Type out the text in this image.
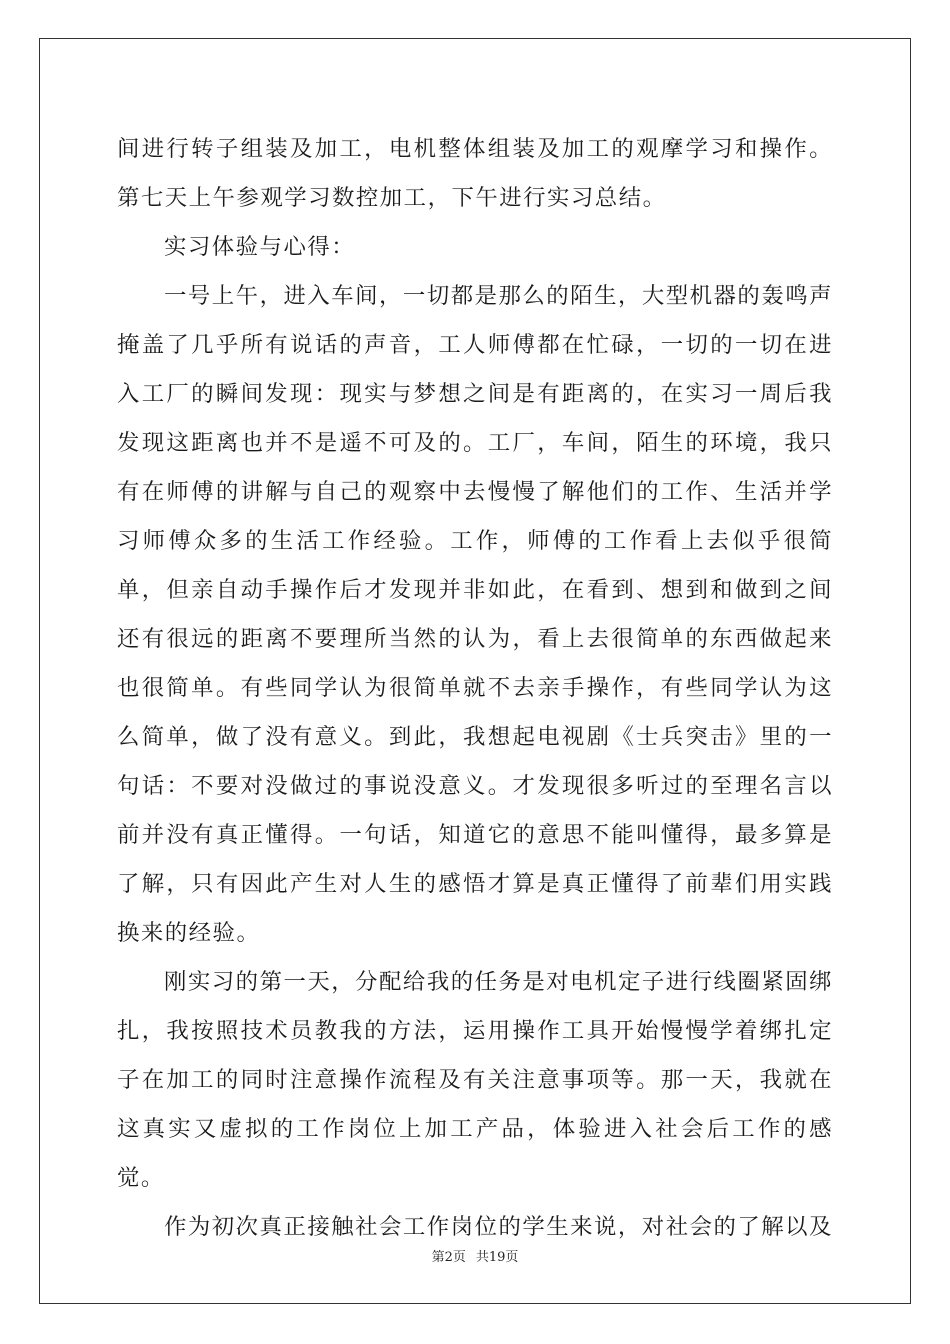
间进行转子组装及加工，电机整体组装及加工的观摩学习和操作。第七天上午参观学习数控加工，下午进行实习总结。

实习体验与心得：

一号上午，进入车间，一切都是那么的陌生，大型机器的轰鸣声掩盖了几乎所有说话的声音，工人师傅都在忙碌，一切的一切在进入工厂的瞬间发现：现实与梦想之间是有距离的，在实习一周后我发现这距离也并不是遥不可及的。工厂，车间，陌生的环境，我只有在师傅的讲解与自己的观察中去慢慢了解他们的工作、生活并学习师傅众多的生活工作经验。工作，师傅的工作看上去似乎很简单，但亲自动手操作后才发现并非如此，在看到、想到和做到之间还有很远的距离不要理所当然的认为，看上去很简单的东西做起来也很简单。有些同学认为很简单就不去亲手操作，有些同学认为这么简单，做了没有意义。到此，我想起电视剧《士兵突击》里的一句话：不要对没做过的事说没意义。才发现很多听过的至理名言以前并没有真正懂得。一句话，知道它的意思不能叫懂得，最多算是了解，只有因此产生对人生的感悟才算是真正懂得了前辈们用实践换来的经验。

刚实习的第一天，分配给我的任务是对电机定子进行线圈紧固绑扎，我按照技术员教我的方法，运用操作工具开始慢慢学着绑扎定子在加工的同时注意操作流程及有关注意事项等。那一天，我就在这真实又虚拟的工作岗位上加工产品，体验进入社会后工作的感觉。

作为初次真正接触社会工作岗位的学生来说，对社会的了解以及

第2页 共19页
